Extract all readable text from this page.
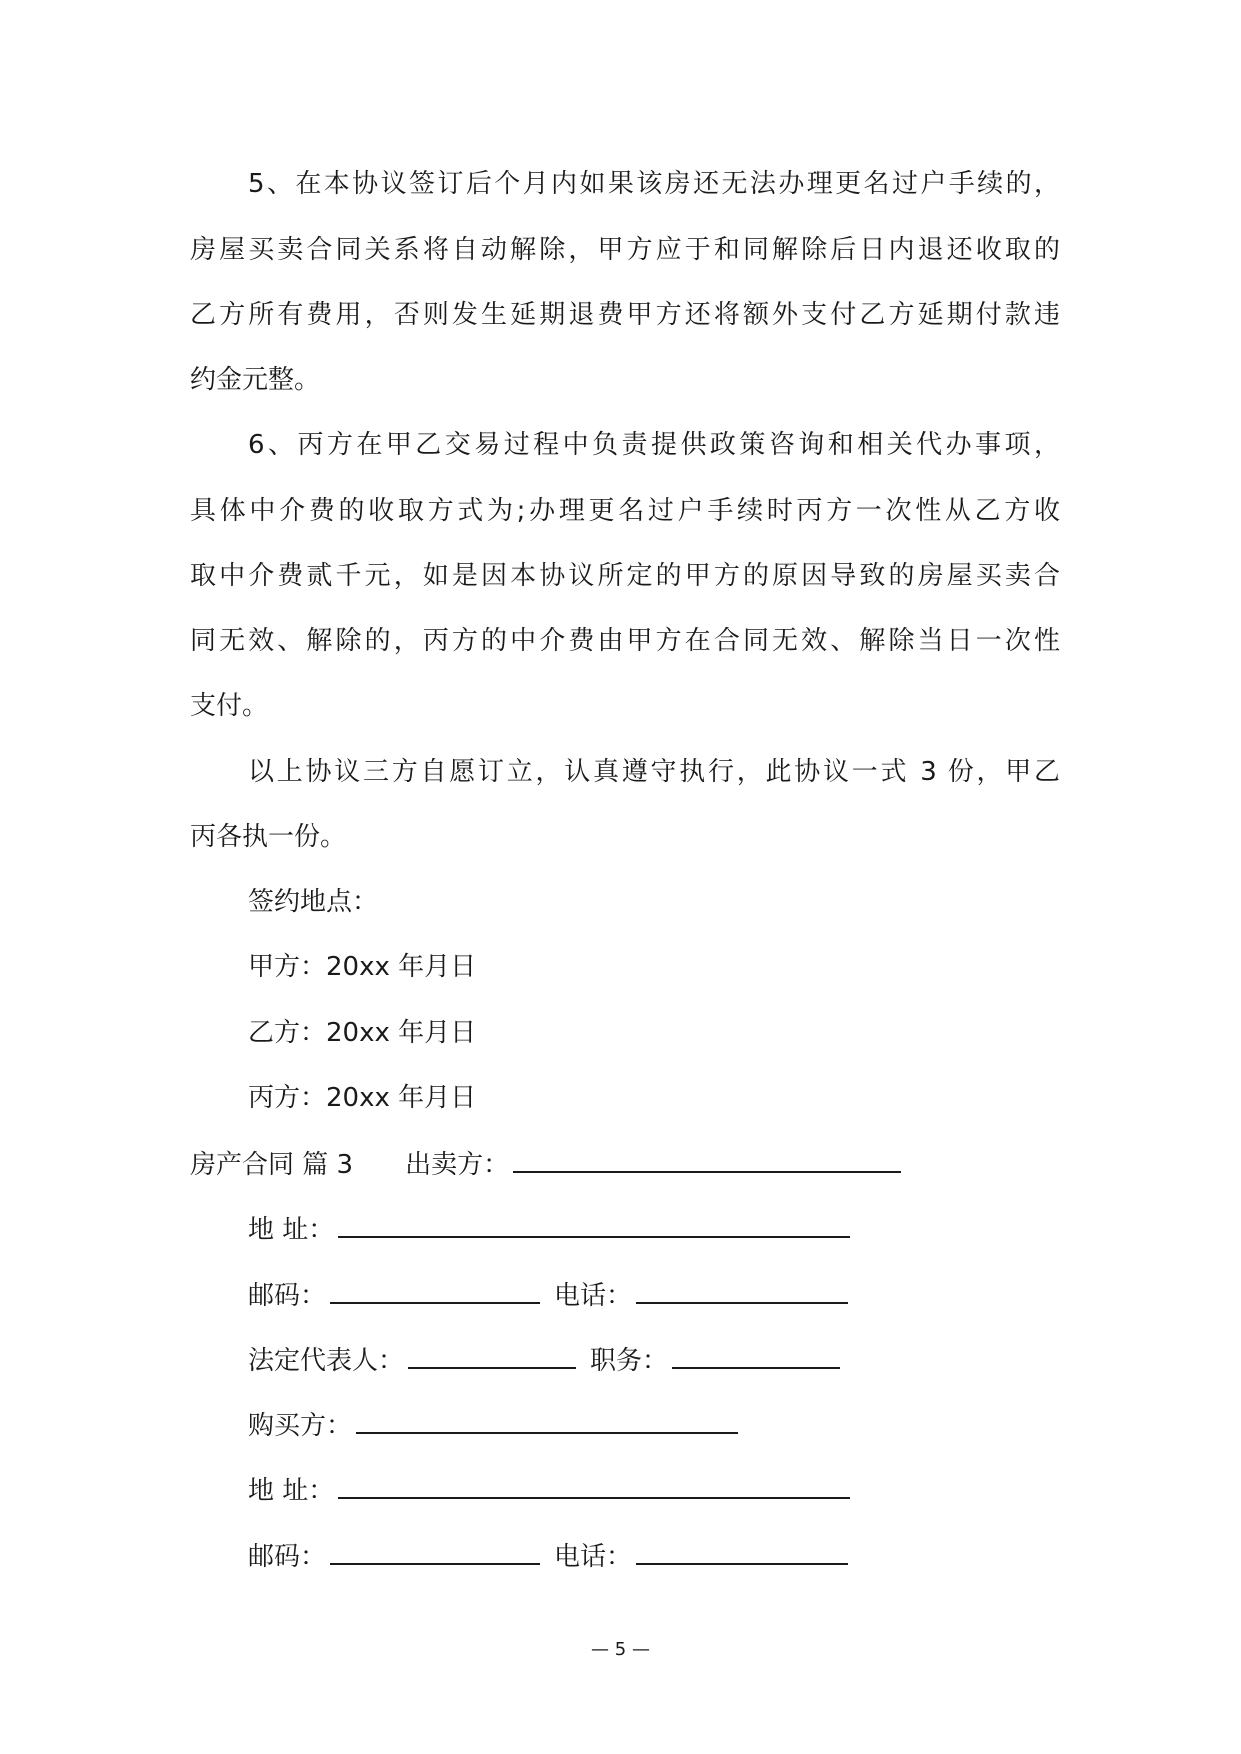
5、在本协议签订后个月内如果该房还无法办理更名过户手续的，
房屋买卖合同关系将自动解除，甲方应于和同解除后日内退还收取的
乙方所有费用，否则发生延期退费甲方还将额外支付乙方延期付款违
约金元整。
6、丙方在甲乙交易过程中负责提供政策咨询和相关代办事项，
具体中介费的收取方式为;办理更名过户手续时丙方一次性从乙方收
取中介费贰千元，如是因本协议所定的甲方的原因导致的房屋买卖合
同无效、解除的，丙方的中介费由甲方在合同无效、解除当日一次性
支付。
以上协议三方自愿订立，认真遵守执行，此协议一式 3 份，甲乙
丙各执一份。
签约地点：
甲方：20xx 年月日
乙方：20xx 年月日
丙方：20xx 年月日
房产合同 篇 3 出卖方：
地 址：
邮码：	电话：
法定代表人：	职务：
购买方：
地 址：
邮码：	电话：
— 5 —
